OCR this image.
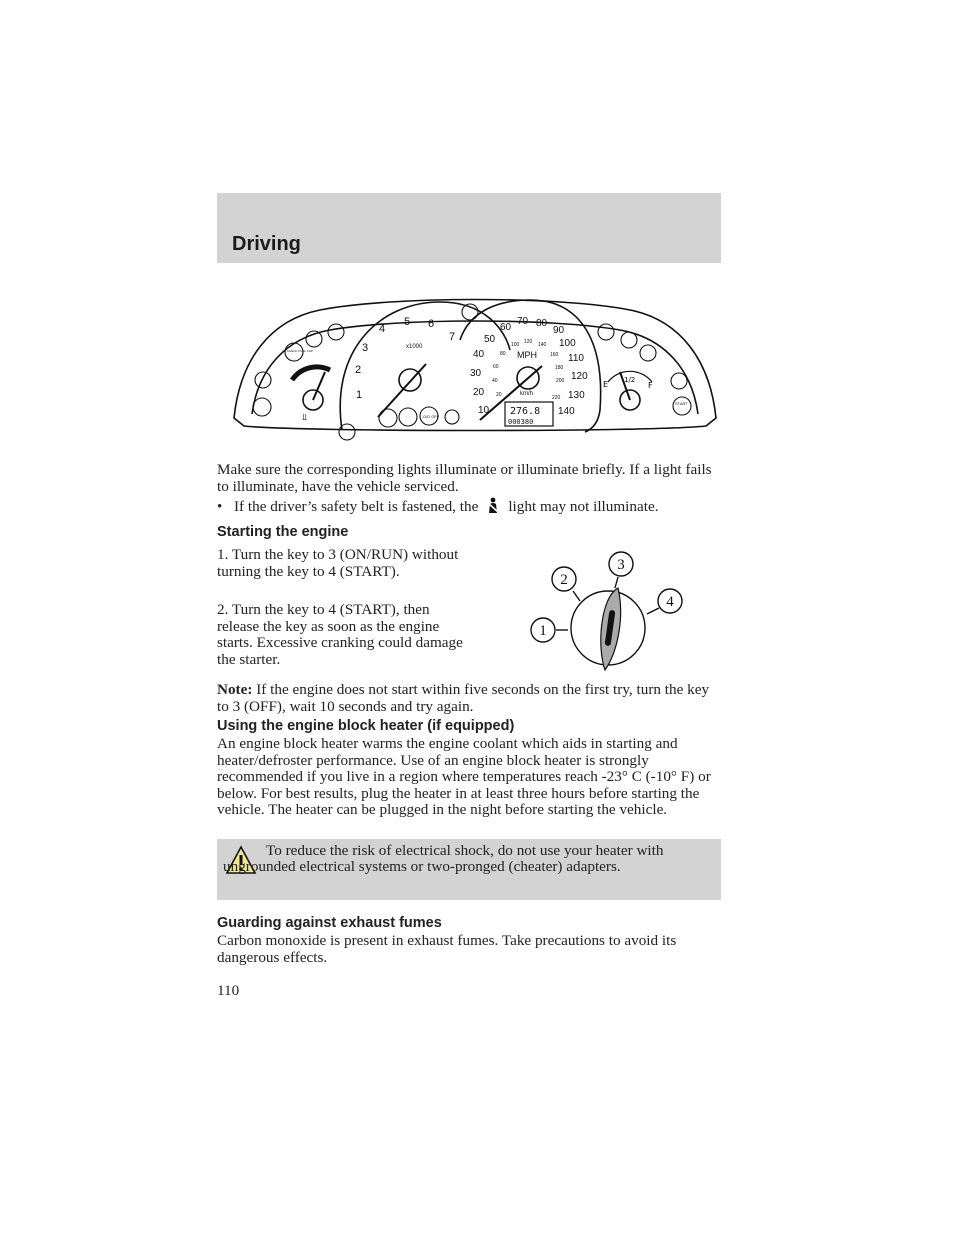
Driving
⫫
E 1/2
F
1
2
3
4
5 6
7
x1000
10
20
30
40
50
60
70 80
90
100
110
120
130
140
MPH
20
40
60
80
100 120 140
160
180
200
220
km/h
276.8
000380
O/D OFF
CHECK FUEL CAP
START
Make sure the corresponding lights illuminate or illuminate briefly. If a light fails to illuminate, have the vehicle serviced.
• If the driver’s safety belt is fastened, the light may not illuminate.
Starting the engine
1. Turn the key to 3 (ON/RUN) without turning the key to 4 (START).
2. Turn the key to 4 (START), then release the key as soon as the engine starts. Excessive cranking could damage the starter.
1
2
3
4
Note: If the engine does not start within five seconds on the first try, turn the key to 3 (OFF), wait 10 seconds and try again.
Using the engine block heater (if equipped)
An engine block heater warms the engine coolant which aids in starting and heater/defroster performance. Use of an engine block heater is strongly recommended if you live in a region where temperatures reach -23° C (-10° F) or below. For best results, plug the heater in at least three hours before starting the vehicle. The heater can be plugged in the night before starting the vehicle.
To reduce the risk of electrical shock, do not use your heater with ungrounded electrical systems or two-pronged (cheater) adapters.
Guarding against exhaust fumes
Carbon monoxide is present in exhaust fumes. Take precautions to avoid its dangerous effects.
110
